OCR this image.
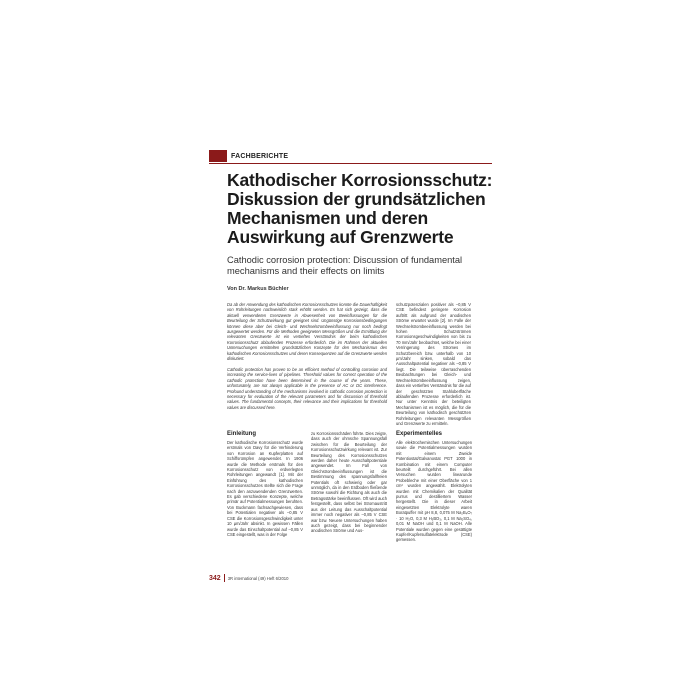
FACHBERICHTE
Kathodischer Korrosionsschutz: Diskussion der grundsätzlichen Mechanismen und deren Auswirkung auf Grenzwerte

Cathodic corrosion protection: Discussion of fundamental mechanisms and their effects on limits

Von Dr. Markus Büchler

Da ab der Anwendung des kathodischen Korrosionsschutzes konnte die Dauerhaftigkeit von Rohrleitungen nachweislich stark erhöht werden. Es hat sich gezeigt, dass die aktuell verwendeten Grenzwerte in Abwesenheit von Beeinflussungen für die Beurteilung der Schutzwirkung gut geeignet sind. Ungünstige Korrosionsbedingungen können diese aber bei Gleich- und Wechselstrombeeinflussung nur noch bedingt ausgewertet werden. Für die Methoden geeigneten Messgrößen und die Ermittlung der relevanten Grenzwerte ist ein vertieftes Verständnis der beim kathodischen Korrosionsschutz ablaufenden Prozesse erforderlich. Die im Rahmen der aktuellen Untersuchungen ermittelten grundsätzlichen Konzepte für den Mechanismus des kathodischen Korrosionsschutzes und deren Konsequenzen auf die Grenzwerte werden diskutiert.

Cathodic protection has proven to be an efficient method of controlling corrosion and increasing the service-lives of pipelines. Threshold values for correct operation of the cathodic protection have been determined in the course of the years. These, unfortunately, are not always applicable in the presence of AC or DC interference. Profound understanding of the mechanisms involved in cathodic corrosion protection is necessary for evaluation of the relevant parameters and for discussion of threshold values. The fundamental concepts, their relevance and their implications for threshold values are discussed here.

schutzpotenzialen positiver als –0,85 V CSE befindest geringere Korrosion auftritt als aufgrund der anodischen Ströme erwartet wurde [2]. Im Falle der Wechselstrombeeinflussung werden bei hohen Schutzströmen Korrosionsgeschwindigkeiten von bis zu 70 mm/Jahr beobachtet, welche bei einer Verringerung des Stromes im Schutzbereich bzw. unterhalb von 10 µm/Jahr sinken, sobald das Ausschaltpotential negativer als –0,85 V liegt. Die teilweise überraschenden Beobachtungen bei Gleich- und Wechselstrombeeinflussung zeigen, dass ein vertieftes Verständnis für die auf der geschützten Stahloberfläche ablaufenden Prozesse erforderlich ist. Nur unter Kenntnis der beteiligten Mechanismen ist es möglich, die für die Beurteilung von kathodisch geschützten Rohrleitungen relevanten Messgrößen und Grenzwerte zu ermitteln.

Einleitung

Der kathodische Korrosionsschutz wurde erstmals von Davy für die Verhinderung von Korrosion an Kupferplatten auf Schiffsrümpfen angewendet. In 1906 wurde die Methode erstmals für den Korrosionsschutz von erdverlegten Rohrleitungen angewandt [1]. Mit der Einführung des kathodischen Korrosionsschutzes stellte sich die Frage nach den anzuwendenden Grenzwerten. Es gab verschiedene Konzepte, welche primär auf Potentialmessungen beruhten. Von Buckmann fachsachgewiesen, dass bei Potentialen negativer als –0,85 V CSE die Korrosionsgeschwindigkeit unter 10 µm/Jahr absinkt. In gewissen Fällen wurde das Einschaltpotential auf –0,85 V CSE eingestellt, was in der Folge

zu Korrosionsschäden führte. Dies zeigte, dass auch der ohmsche Spannungsfall zwischen für die Beurteilung der Korrosionsschutzwirkung relevant ist. Zur Beurteilung des Korrosionsschutzes werden daher heute Ausschaltpotentiale angewendet. Im Fall von Gleichstrombeeinflussungen ist die Bestimmung des spannungsfallfreien Potentials oft schwierig oder gar unmöglich, da in den Erdboden fließende Ströme sowohl die Richtung als auch die Betragsstärke beeinflussen. Oft wird auch festgestellt, dass selbst bei Stromaustritt aus der Leitung das Ausschaltpotential immer noch negativer als –0,85 V CSE war bzw. Neuere Untersuchungen haben auch gezeigt, dass bei beginnender anodischen Ströme und Aus-

Experimentelles

Alle elektrochemischen Untersuchungen sowie die Potentialmessungen wurden mit einem Zweide Potentiostat/Galvanostat PGT 1000 in Kombination mit einem Computer beurteilt durchgeführt. Bei allen Versuchen wurden linearunde Probebleche mit einer Oberfläche von 1 cm² wurden angewählt. Elektrolyten wurden mit Chemikalien der Qualität purrus und destilliertem Wasser hergestellt. Die in dieser Arbeit eingesetzten Elektrolyte waren Boratpuffer mit pH 8,8, 0,075 M Na₂B₄O₇ · 10 H₂O, 0,3 M H₃BO₃, 0,1 M Na₂SO₄, 0,01 M NaOH und 0,1 M NaOH. Alle Potentiale wurden gegen eine gesättigte Kupfer/Kupfersulfatelektrode (CSE) gemessen.

342 3R international (49) Heft 6/2010
